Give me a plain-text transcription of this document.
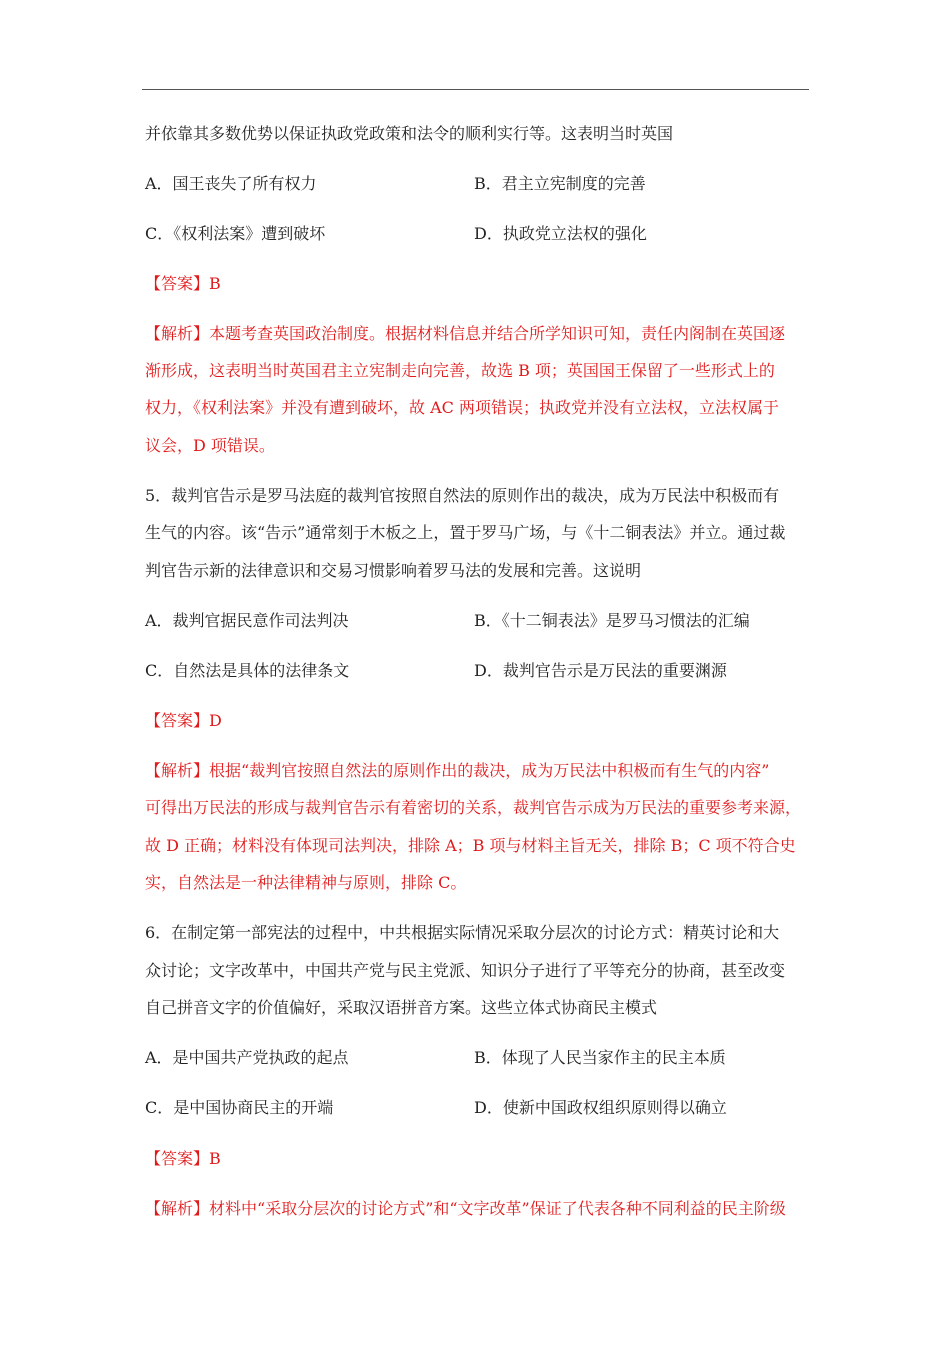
并依靠其多数优势以保证执政党政策和法令的顺利实行等。这表明当时英国
A．国王丧失了所有权力	B．君主立宪制度的完善
C．《权利法案》遭到破坏	D．执政党立法权的强化
【答案】B
【解析】本题考查英国政治制度。根据材料信息并结合所学知识可知，责任内阁制在英国逐
渐形成，这表明当时英国君主立宪制走向完善，故选 B 项；英国国王保留了一些形式上的
权力，《权利法案》并没有遭到破坏，故 AC 两项错误；执政党并没有立法权，立法权属于
议会，D 项错误。
5．裁判官告示是罗马法庭的裁判官按照自然法的原则作出的裁决，成为万民法中积极而有
生气的内容。该“告示”通常刻于木板之上，置于罗马广场，与《十二铜表法》并立。通过裁
判官告示新的法律意识和交易习惯影响着罗马法的发展和完善。这说明
A．裁判官据民意作司法判决	B．《十二铜表法》是罗马习惯法的汇编
C．自然法是具体的法律条文	D．裁判官告示是万民法的重要渊源
【答案】D
【解析】根据“裁判官按照自然法的原则作出的裁决，成为万民法中积极而有生气的内容”
可得出万民法的形成与裁判官告示有着密切的关系，裁判官告示成为万民法的重要参考来源，
故 D 正确；材料没有体现司法判决，排除 A；B 项与材料主旨无关，排除 B；C 项不符合史
实，自然法是一种法律精神与原则，排除 C。
6．在制定第一部宪法的过程中，中共根据实际情况采取分层次的讨论方式：精英讨论和大
众讨论；文字改革中，中国共产党与民主党派、知识分子进行了平等充分的协商，甚至改变
自己拼音文字的价值偏好，采取汉语拼音方案。这些立体式协商民主模式
A．是中国共产党执政的起点	B．体现了人民当家作主的民主本质
C．是中国协商民主的开端	D．使新中国政权组织原则得以确立
【答案】B
【解析】材料中“采取分层次的讨论方式”和“文字改革”保证了代表各种不同利益的民主阶级
